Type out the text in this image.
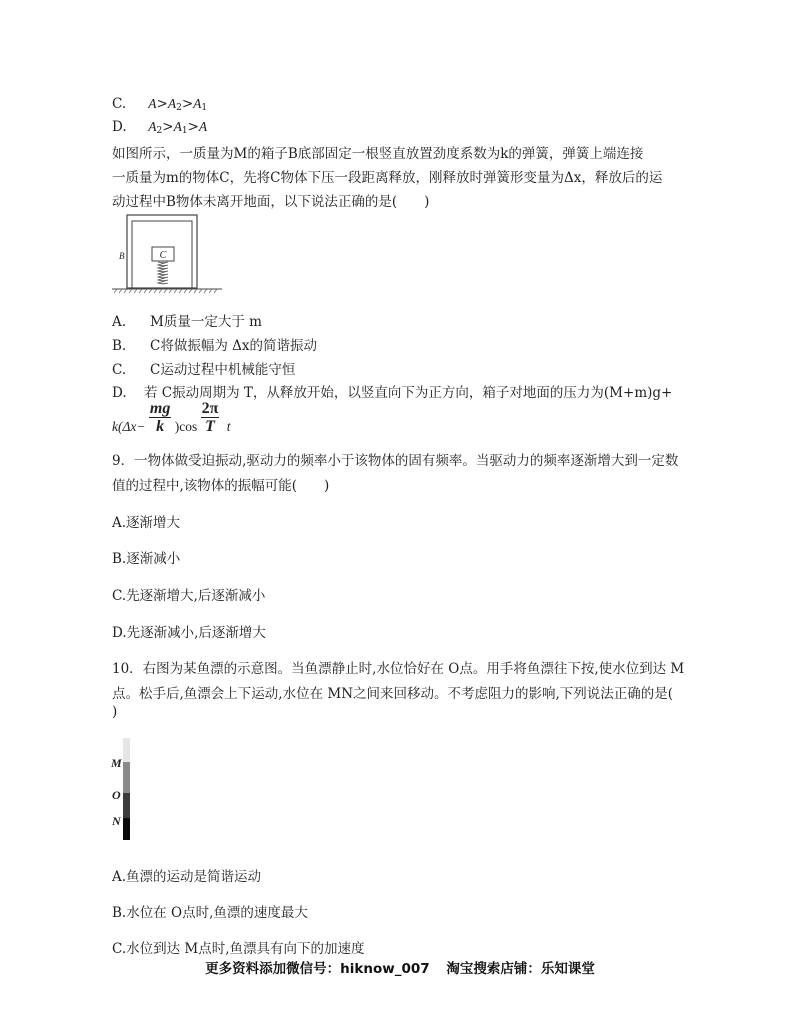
C. $A>A_2>A_1$
D. $A_2>A_1>A$
如图所示，一质量为M的箱子B底部固定一根竖直放置劲度系数为k的弹簧，弹簧上端连接
一质量为m的物体C，先将C物体下压一段距离释放，刚释放时弹簧形变量为Δx，释放后的运
动过程中B物体未离开地面，以下说法正确的是(　　)
C
B
A. M质量一定大于 m
B. C将做振幅为 Δx的简谐振动
C. C运动过程中机械能守恒
D. 若 C振动周期为 T，从释放开始，以竖直向下为正方向，箱子对地面的压力为(M+m)g+
$k(\Delta x- \frac{mg}{k} )\cos \frac{2\pi}{T}$ t
9．一物体做受迫振动,驱动力的频率小于该物体的固有频率。当驱动力的频率逐渐增大到一定数
值的过程中,该物体的振幅可能(　　)
A.逐渐增大
B.逐渐减小
C.先逐渐增大,后逐渐减小
D.先逐渐减小,后逐渐增大
10．右图为某鱼漂的示意图。当鱼漂静止时,水位恰好在 O点。用手将鱼漂往下按,使水位到达 M
点。松手后,鱼漂会上下运动,水位在 MN之间来回移动。不考虑阻力的影响,下列说法正确的是(
)
M
O
N
A.鱼漂的运动是简谐运动
B.水位在 O点时,鱼漂的速度最大
C.水位到达 M点时,鱼漂具有向下的加速度
更多资料添加微信号：hiknow_007 淘宝搜索店铺：乐知课堂
